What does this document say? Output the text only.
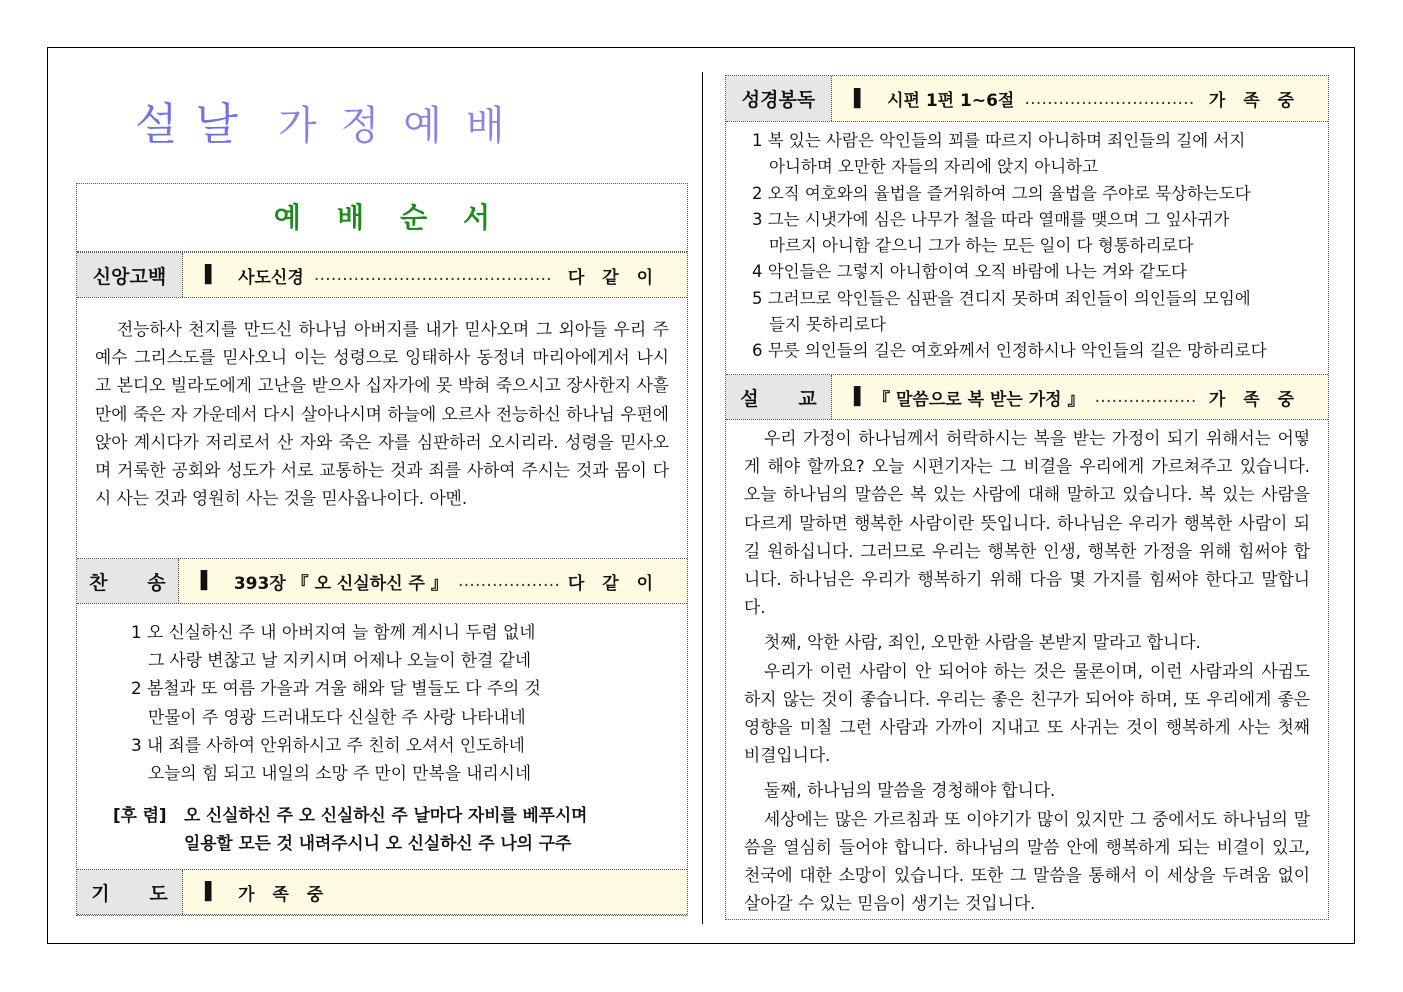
설날 가정예배
예배순서
신앙고백	▌ 사도신경 …………………………………… 다 같 이

전능하사 천지를 만드신 하나님 아버지를 내가 믿사오며 그 외아들 우리 주 예수 그리스도를 믿사오니 이는 성령으로 잉태하사 동정녀 마리아에게서 나시고 본디오 빌라도에게 고난을 받으사 십자가에 못 박혀 죽으시고 장사한지 사흘 만에 죽은 자 가운데서 다시 살아나시며 하늘에 오르사 전능하신 하나님 우편에 앉아 계시다가 저리로서 산 자와 죽은 자를 심판하러 오시리라. 성령을 믿사오며 거룩한 공회와 성도가 서로 교통하는 것과 죄를 사하여 주시는 것과 몸이 다시 사는 것과 영원히 사는 것을 믿사옵나이다. 아멘.

찬      송	▌ 393장 『 오 신실하신 주 』 ……………… 다 같 이
1 오 신실하신 주 내 아버지여 늘 함께 계시니 두렴 없네
그 사랑 변찮고 날 지키시며 어제나 오늘이 한결 같네
2 봄철과 또 여름 가을과 겨울 해와 달 별들도 다 주의 것
만물이 주 영광 드러내도다 신실한 주 사랑 나타내네
3 내 죄를 사하여 안위하시고 주 친히 오셔서 인도하네
오늘의 힘 되고 내일의 소망 주 만이 만복을 내리시네
[후 렴]	오 신실하신 주 오 신실하신 주 날마다 자비를 베푸시며
일용할 모든 것 내려주시니 오 신실하신 주 나의 구주
기      도	▌ 가 족 중
성경봉독	▌ 시편 1편 1~6절 ………………………… 가 족 중
1 복 있는 사람은 악인들의 꾀를 따르지 아니하며 죄인들의 길에 서지
아니하며 오만한 자들의 자리에 앉지 아니하고
2 오직 여호와의 율법을 즐거워하여 그의 율법을 주야로 묵상하는도다
3 그는 시냇가에 심은 나무가 철을 따라 열매를 맺으며 그 잎사귀가
마르지 아니함 같으니 그가 하는 모든 일이 다 형통하리로다
4 악인들은 그렇지 아니함이여 오직 바람에 나는 겨와 같도다
5 그러므로 악인들은 심판을 견디지 못하며 죄인들이 의인들의 모임에
들지 못하리로다
6 무릇 의인들의 길은 여호와께서 인정하시나 악인들의 길은 망하리로다
설      교	▌ 『 말씀으로 복 받는 가정 』 ……………… 가 족 중

우리 가정이 하나님께서 허락하시는 복을 받는 가정이 되기 위해서는 어떻게 해야 할까요? 오늘 시편기자는 그 비결을 우리에게 가르쳐주고 있습니다. 오늘 하나님의 말씀은 복 있는 사람에 대해 말하고 있습니다. 복 있는 사람을 다르게 말하면 행복한 사람이란 뜻입니다. 하나님은 우리가 행복한 사람이 되길 원하십니다. 그러므로 우리는 행복한 인생, 행복한 가정을 위해 힘써야 합니다. 하나님은 우리가 행복하기 위해 다음 몇 가지를 힘써야 한다고 말합니다.

첫째, 악한 사람, 죄인, 오만한 사람을 본받지 말라고 합니다.

우리가 이런 사람이 안 되어야 하는 것은 물론이며, 이런 사람과의 사귐도 하지 않는 것이 좋습니다. 우리는 좋은 친구가 되어야 하며, 또 우리에게 좋은 영향을 미칠 그런 사람과 가까이 지내고 또 사귀는 것이 행복하게 사는 첫째 비결입니다.

둘째, 하나님의 말씀을 경청해야 합니다.

세상에는 많은 가르침과 또 이야기가 많이 있지만 그 중에서도 하나님의 말씀을 열심히 들어야 합니다. 하나님의 말씀 안에 행복하게 되는 비결이 있고, 천국에 대한 소망이 있습니다. 또한 그 말씀을 통해서 이 세상을 두려움 없이 살아갈 수 있는 믿음이 생기는 것입니다.
